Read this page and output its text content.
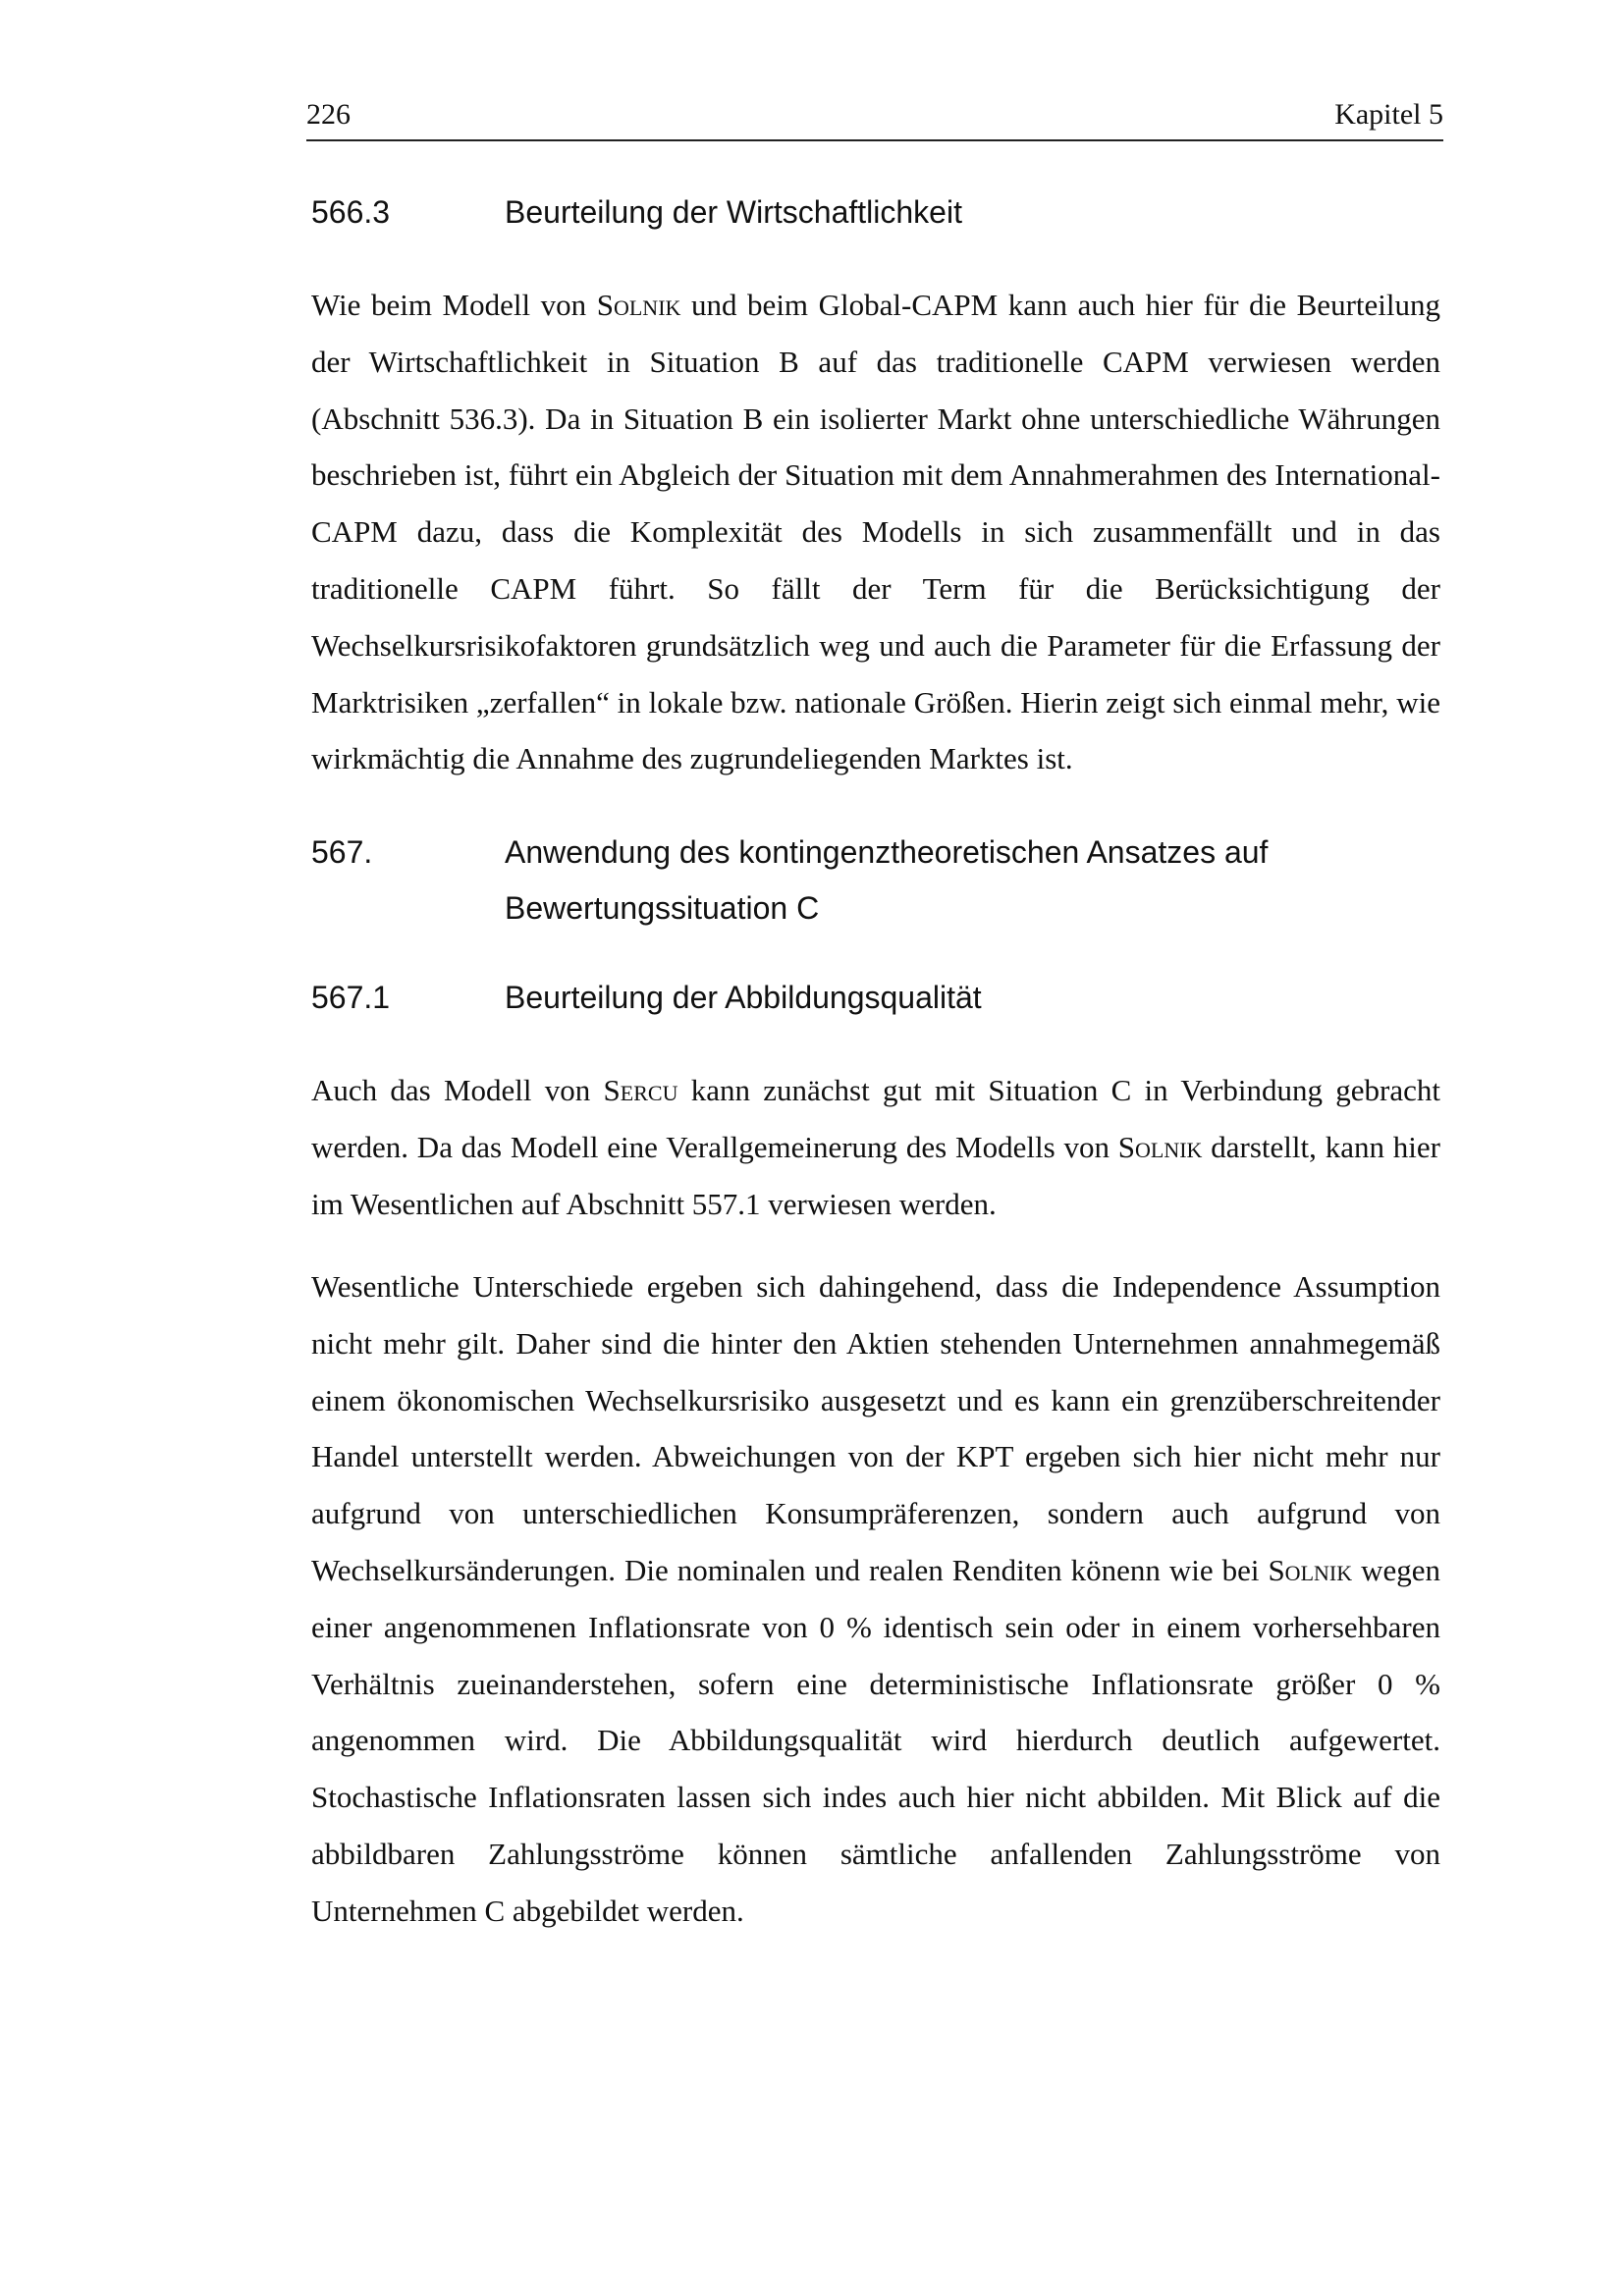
226	Kapitel 5
566.3	Beurteilung der Wirtschaftlichkeit

Wie beim Modell von Solnik und beim Global-CAPM kann auch hier für die Beurteilung der Wirtschaftlichkeit in Situation B auf das traditionelle CAPM verwiesen werden (Abschnitt 536.3). Da in Situation B ein isolierter Markt ohne unterschiedliche Währungen beschrieben ist, führt ein Abgleich der Situation mit dem Annahmerahmen des International-CAPM dazu, dass die Komplexität des Modells in sich zusammenfällt und in das traditionelle CAPM führt. So fällt der Term für die Berücksichtigung der Wechselkursrisikofaktoren grundsätzlich weg und auch die Parameter für die Erfassung der Marktrisiken „zerfallen“ in lokale bzw. nationale Größen. Hierin zeigt sich einmal mehr, wie wirkmächtig die Annahme des zugrundeliegenden Marktes ist.

567.	Anwendung des kontingenztheoretischen Ansatzes auf Bewertungssituation C
567.1	Beurteilung der Abbildungsqualität

Auch das Modell von Sercu kann zunächst gut mit Situation C in Verbindung gebracht werden. Da das Modell eine Verallgemeinerung des Modells von Solnik darstellt, kann hier im Wesentlichen auf Abschnitt 557.1 verwiesen werden.

Wesentliche Unterschiede ergeben sich dahingehend, dass die Independence Assumption nicht mehr gilt. Daher sind die hinter den Aktien stehenden Unternehmen annahmegemäß einem ökonomischen Wechselkursrisiko ausgesetzt und es kann ein grenzüberschreitender Handel unterstellt werden. Abweichungen von der KPT ergeben sich hier nicht mehr nur aufgrund von unterschiedlichen Konsumpräferenzen, sondern auch aufgrund von Wechselkursänderungen. Die nominalen und realen Renditen könenn wie bei Solnik wegen einer angenommenen Inflationsrate von 0 % identisch sein oder in einem vorhersehbaren Verhältnis zueinanderstehen, sofern eine deterministische Inflationsrate größer 0 % angenommen wird. Die Abbildungsqualität wird hierdurch deutlich aufgewertet. Stochastische Inflationsraten lassen sich indes auch hier nicht abbilden. Mit Blick auf die abbildbaren Zahlungsströme können sämtliche anfallenden Zahlungsströme von Unternehmen C abgebildet werden.
